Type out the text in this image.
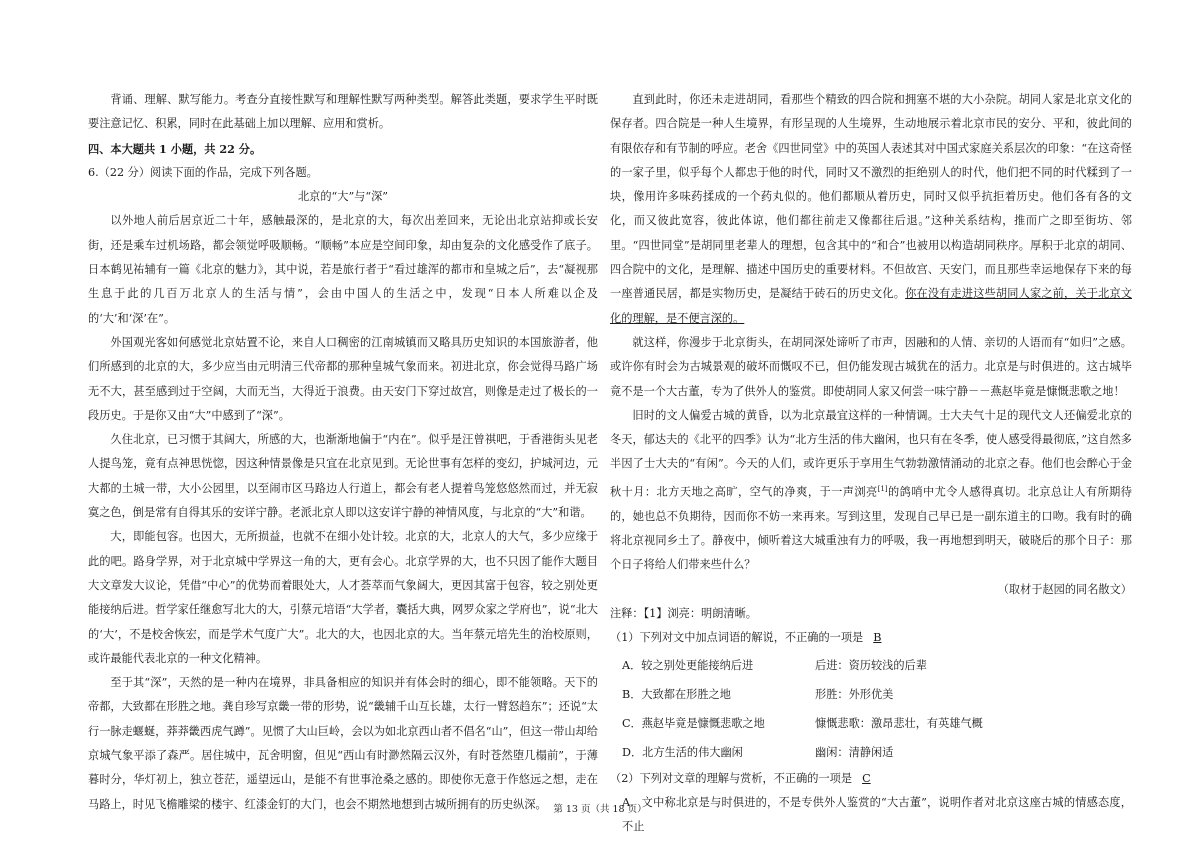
背诵、理解、默写能力。考查分直接性默写和理解性默写两种类型。解答此类题，要求学生平时既要注意记忆、积累，同时在此基础上加以理解、应用和赏析。

四、本大题共 1 小题，共 22 分。

6.（22 分）阅读下面的作品，完成下列各题。

北京的“大”与“深”

以外地人前后居京近二十年，感触最深的，是北京的大，每次出差回来，无论出北京站抑或长安街，还是乘车过机场路，都会领觉呼吸顺畅。“顺畅”本应是空间印象，却由复杂的文化感受作了底子。日本鹤见祐辅有一篇《北京的魅力》，其中说，若是旅行者于“看过雄浑的都市和皇城之后”，去“凝视那生息于此的几百万北京人的生活与情”，会由中国人的生活之中，发现“日本人所难以企及的‘大’和‘深’在”。

外国观光客如何感觉北京姑置不论，来自人口稠密的江南城镇而又略具历史知识的本国旅游者，他们所感到的北京的大，多少应当由元明清三代帝都的那种皇城气象而来。初进北京，你会觉得马路广场无不大，甚至感到过于空阔，大而无当，大得近于浪费。由天安门下穿过故宫，则像是走过了极长的一段历史。于是你又由“大”中感到了“深”。

久住北京，已习惯于其阔大，所感的大，也渐渐地偏于“内在”。似乎是汪曾祺吧，于香港街头见老人提鸟笼，竟有点神思恍惚，因这种情景像是只宜在北京见到。无论世事有怎样的变幻，护城河边，元大都的土城一带，大小公园里，以至闹市区马路边人行道上，都会有老人提着鸟笼悠悠然而过，并无寂寞之色，倒是常有自得其乐的安详宁静。老派北京人即以这安详宁静的神情风度，与北京的“大”和谐。

大，即能包容。也因大，无所损益，也就不在细小处计较。北京的大，北京人的大气，多少应缘于此的吧。路身学界，对于北京城中学界这一角的大，更有会心。北京学界的大，也不只因了能作大题目大文章发大议论，凭借“中心”的优势而着眼处大，人才荟萃而气象阔大，更因其富于包容，较之别处更能接纳后进。哲学家任继愈写北大的大，引蔡元培语“大学者，囊括大典，网罗众家之学府也”，说“北大的‘大’，不是校舍恢宏，而是学术气度广大”。北大的大，也因北京的大。当年蔡元培先生的治校原则，或许最能代表北京的一种文化精神。

至于其“深”，天然的是一种内在境界，非具备相应的知识并有体会时的细心，即不能领略。天下的帝都，大致都在形胜之地。龚自珍写京畿一带的形势，说“畿辅千山互长雄，太行一臂怒趋东”；还说“太行一脉走蝘蜒，莽莽畿西虎气蹲”。见惯了大山巨岭，会以为如北京西山者不倡名“山”，但这一带山却给京城气象平添了森严。居住城中，瓦舍明窗，但见“西山有时渺然隔云汉外，有时苍然堕几榻前”，于薄暮时分，华灯初上，独立苍茫，遥望远山，是能不有世事沧桑之感的。即使你无意于作悠远之想，走在马路上，时见飞檐雕梁的楼宇、红漆金钉的大门，也会不期然地想到古城所拥有的历史纵深。

直到此时，你还未走进胡同，看那些个精致的四合院和拥塞不堪的大小杂院。胡同人家是北京文化的保存者。四合院是一种人生境界，有形呈现的人生境界，生动地展示着北京市民的安分、平和，彼此间的有限依存和有节制的呼应。老舍《四世同堂》中的英国人表述其对中国式家庭关系层次的印象：“在这奇怪的一家子里，似乎每个人都忠于他的时代，同时又不激烈的拒绝别人的时代，他们把不同的时代糅到了一块，像用许多味药揉成的一个药丸似的。他们都顺从着历史，同时又似乎抗拒着历史。他们各有各的文化，而又彼此宽容，彼此体谅，他们都往前走又像都往后退。”这种关系结构，推而广之即至街坊、邻里。“四世同堂”是胡同里老辈人的理想，包含其中的“和合”也被用以构造胡同秩序。厚积于北京的胡同、四合院中的文化，是理解、描述中国历史的重要材料。不但故宫、天安门，而且那些幸运地保存下来的每一座普通民居，都是实物历史，是凝结于砖石的历史文化。你在没有走进这些胡同人家之前，关于北京文化的理解，是不便言深的。

就这样，你漫步于北京街头，在胡同深处谛听了市声，因融和的人情、亲切的人语而有“如归”之感。或许你有时会为古城景观的破坏而慨叹不已，但仍能发现古城犹在的活力。北京是与时俱进的。这古城毕竟不是一个大古董，专为了供外人的鉴赏。即使胡同人家又何尝一味宁静－－燕赵毕竟是慷慨悲歌之地！

旧时的文人偏爱古城的黄昏，以为北京最宜这样的一种情调。士大夫气十足的现代文人还偏爱北京的冬天，郁达夫的《北平的四季》认为“北方生活的伟大幽闲，也只有在冬季，使人感受得最彻底，”这自然多半因了士大夫的“有闲”。今天的人们，或许更乐于享用生气勃勃激情涌动的北京之春。他们也会醉心于金秋十月：北方天地之高旷，空气的净爽，于一声浏亮[1]的鸽哨中尤令人感得真切。北京总让人有所期待的，她也总不负期待，因而你不妨一来再来。写到这里，发现自己早已是一副东道主的口吻。我有时的确将北京视同乡土了。静夜中，倾听着这大城重浊有力的呼吸，我一再地想到明天，破晓后的那个日子：那个日子将给人们带来些什么？

（取材于赵园的同名散文）

注释：【1】浏亮：明朗清晰。

（1）下列对文中加点词语的解说，不正确的一项是 B

A．较之别处更能接纳后进	后进：资历较浅的后辈
B．大致都在形胜之地	形胜：外形优美
C．燕赵毕竟是慷慨悲歌之地	慷慨悲歌：激昂悲壮，有英雄气概
D．北方生活的伟大幽闲	幽闲：清静闲适

（2）下列对文章的理解与赏析，不正确的一项是 C

A．文中称北京是与时俱进的，不是专供外人鉴赏的“大古董”，说明作者对北京这座古城的情感态度，不止

第 13 页（共 18 页）
